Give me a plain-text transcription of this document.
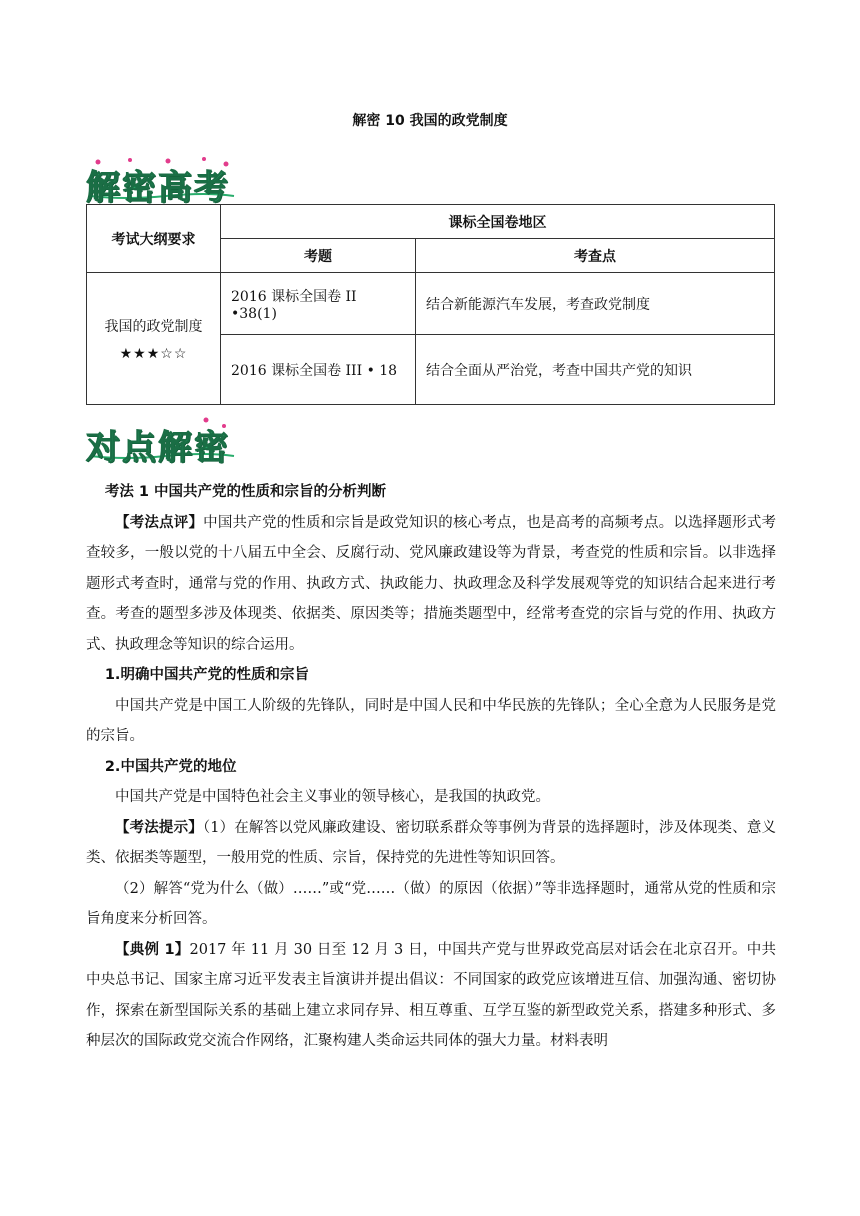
解密 10 我国的政党制度
解密高考
考试大纲要求	课标全国卷地区	
	考题	考查点

我国的政党制度
★★★☆☆	2016 课标全国卷 II •38(1)	结合新能源汽车发展，考查政党制度
	2016 课标全国卷 III • 18	结合全面从严治党，考查中国共产党的知识
对点解密

考法 1 中国共产党的性质和宗旨的分析判断

【考法点评】中国共产党的性质和宗旨是政党知识的核心考点，也是高考的高频考点。以选择题形式考查较多，一般以党的十八届五中全会、反腐行动、党风廉政建设等为背景，考查党的性质和宗旨。以非选择题形式考查时，通常与党的作用、执政方式、执政能力、执政理念及科学发展观等党的知识结合起来进行考查。考查的题型多涉及体现类、依据类、原因类等；措施类题型中，经常考查党的宗旨与党的作用、执政方式、执政理念等知识的综合运用。

1.明确中国共产党的性质和宗旨

中国共产党是中国工人阶级的先锋队，同时是中国人民和中华民族的先锋队；全心全意为人民服务是党的宗旨。

2.中国共产党的地位

中国共产党是中国特色社会主义事业的领导核心，是我国的执政党。

【考法提示】（1）在解答以党风廉政建设、密切联系群众等事例为背景的选择题时，涉及体现类、意义类、依据类等题型，一般用党的性质、宗旨，保持党的先进性等知识回答。

（2）解答“党为什么（做）……”或“党……（做）的原因（依据）”等非选择题时，通常从党的性质和宗旨角度来分析回答。

【典例 1】2017 年 11 月 30 日至 12 月 3 日，中国共产党与世界政党高层对话会在北京召开。中共中央总书记、国家主席习近平发表主旨演讲并提出倡议：不同国家的政党应该增进互信、加强沟通、密切协作，探索在新型国际关系的基础上建立求同存异、相互尊重、互学互鉴的新型政党关系，搭建多种形式、多种层次的国际政党交流合作网络，汇聚构建人类命运共同体的强大力量。材料表明
